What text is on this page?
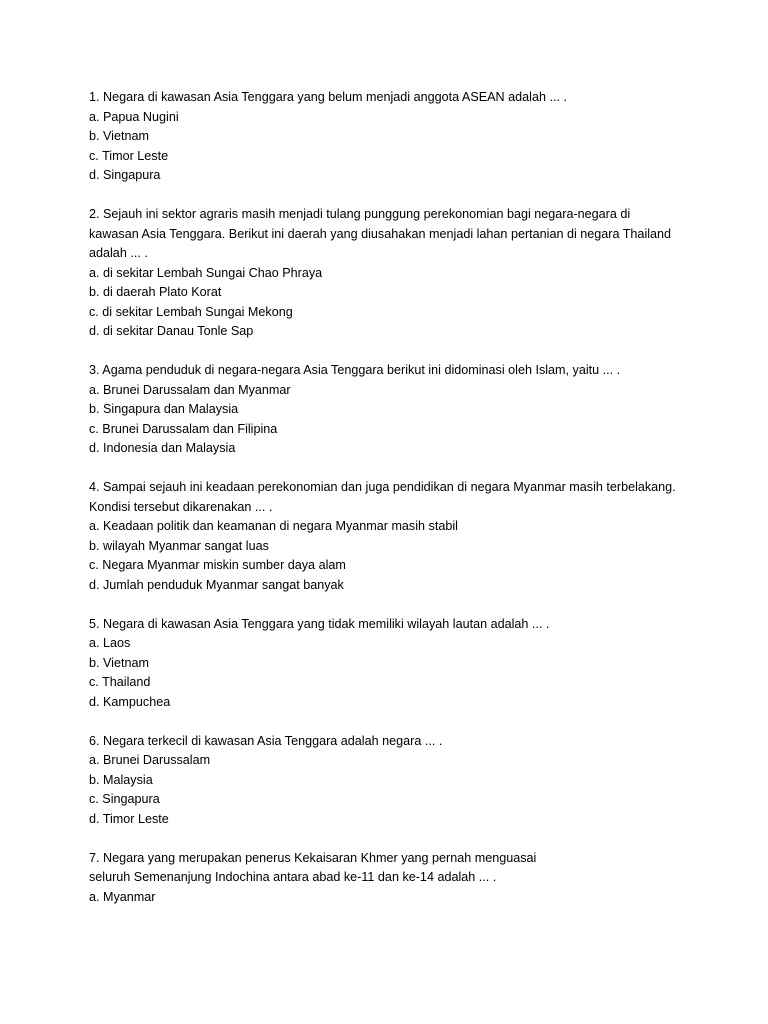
1. Negara di kawasan Asia Tenggara yang belum menjadi anggota ASEAN adalah ... .
a. Papua Nugini
b. Vietnam
c. Timor Leste
d. Singapura
2. Sejauh ini sektor agraris masih menjadi tulang punggung perekonomian bagi negara-negara di
kawasan Asia Tenggara. Berikut ini daerah yang diusahakan menjadi lahan pertanian di negara Thailand
adalah ... .
a. di sekitar Lembah Sungai Chao Phraya
b. di daerah Plato Korat
c. di sekitar Lembah Sungai Mekong
d. di sekitar Danau Tonle Sap
3. Agama penduduk di negara-negara Asia Tenggara berikut ini didominasi oleh Islam, yaitu ... .
a. Brunei Darussalam dan Myanmar
b. Singapura dan Malaysia
c. Brunei Darussalam dan Filipina
d. Indonesia dan Malaysia
4. Sampai sejauh ini keadaan perekonomian dan juga pendidikan di negara Myanmar masih terbelakang.
Kondisi tersebut dikarenakan ... .
a. Keadaan politik dan keamanan di negara Myanmar masih stabil
b. wilayah Myanmar sangat luas
c. Negara Myanmar miskin sumber daya alam
d. Jumlah penduduk Myanmar sangat banyak
5. Negara di kawasan Asia Tenggara yang tidak memiliki wilayah lautan adalah ... .
a. Laos
b. Vietnam
c. Thailand
d. Kampuchea
6. Negara terkecil di kawasan Asia Tenggara adalah negara ... .
a. Brunei Darussalam
b. Malaysia
c. Singapura
d. Timor Leste
7. Negara yang merupakan penerus Kekaisaran Khmer yang pernah menguasai
seluruh Semenanjung Indochina antara abad ke-11 dan ke-14 adalah ... .
a. Myanmar
